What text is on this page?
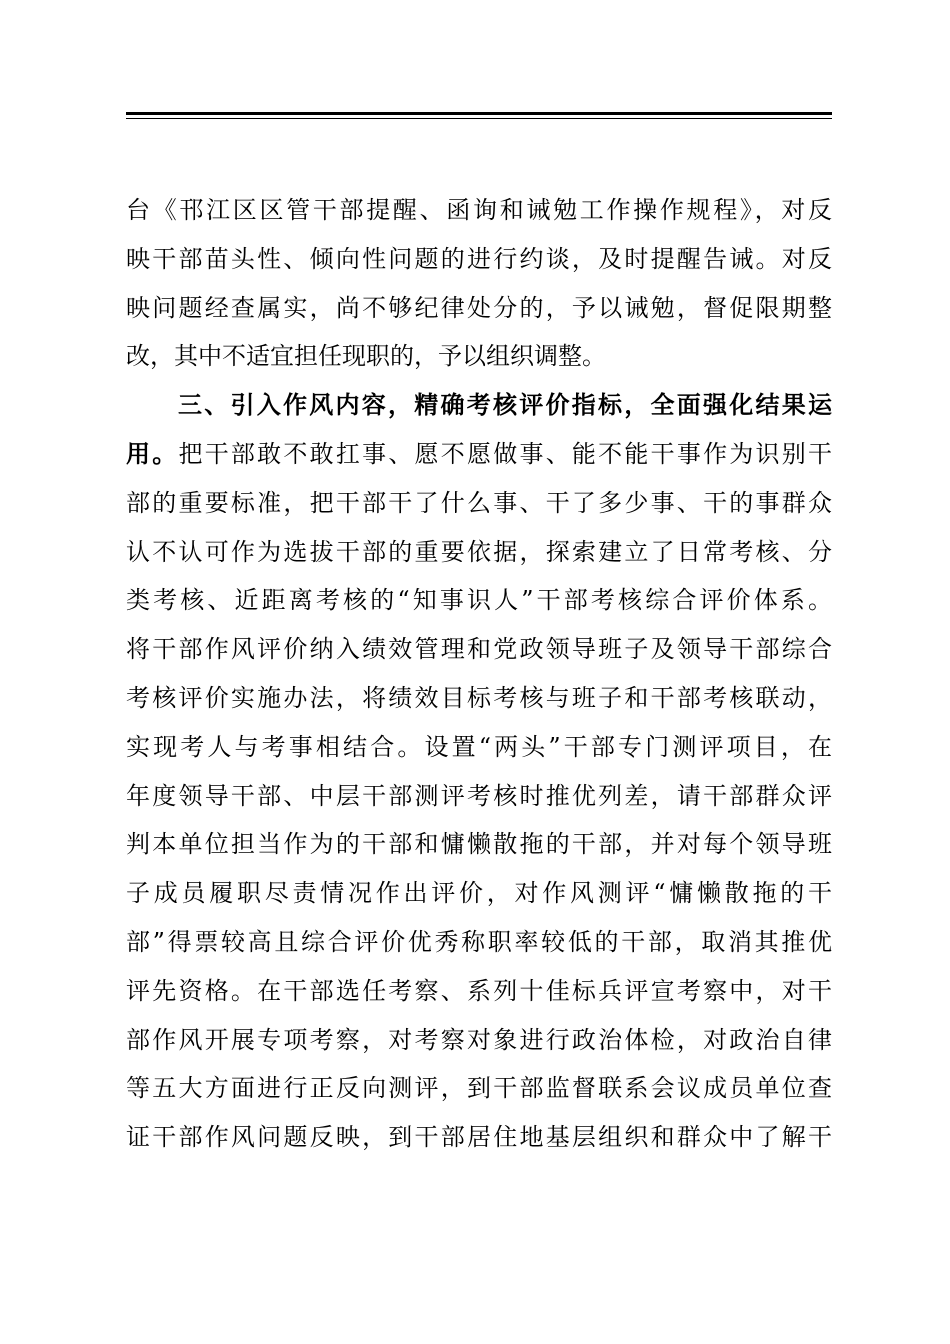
台《邗江区区管干部提醒、函询和诫勉工作操作规程》，对反
映干部苗头性、倾向性问题的进行约谈，及时提醒告诫。对反
映问题经查属实，尚不够纪律处分的，予以诫勉，督促限期整
改，其中不适宜担任现职的，予以组织调整。
三、引入作风内容，精确考核评价指标，全面强化结果运
用。把干部敢不敢扛事、愿不愿做事、能不能干事作为识别干
部的重要标准，把干部干了什么事、干了多少事、干的事群众
认不认可作为选拔干部的重要依据，探索建立了日常考核、分
类考核、近距离考核的“知事识人”干部考核综合评价体系。
将干部作风评价纳入绩效管理和党政领导班子及领导干部综合
考核评价实施办法，将绩效目标考核与班子和干部考核联动，
实现考人与考事相结合。设置“两头”干部专门测评项目，在
年度领导干部、中层干部测评考核时推优列差，请干部群众评
判本单位担当作为的干部和慵懒散拖的干部，并对每个领导班
子成员履职尽责情况作出评价，对作风测评“慵懒散拖的干
部”得票较高且综合评价优秀称职率较低的干部，取消其推优
评先资格。在干部选任考察、系列十佳标兵评宣考察中，对干
部作风开展专项考察，对考察对象进行政治体检，对政治自律
等五大方面进行正反向测评，到干部监督联系会议成员单位查
证干部作风问题反映，到干部居住地基层组织和群众中了解干
